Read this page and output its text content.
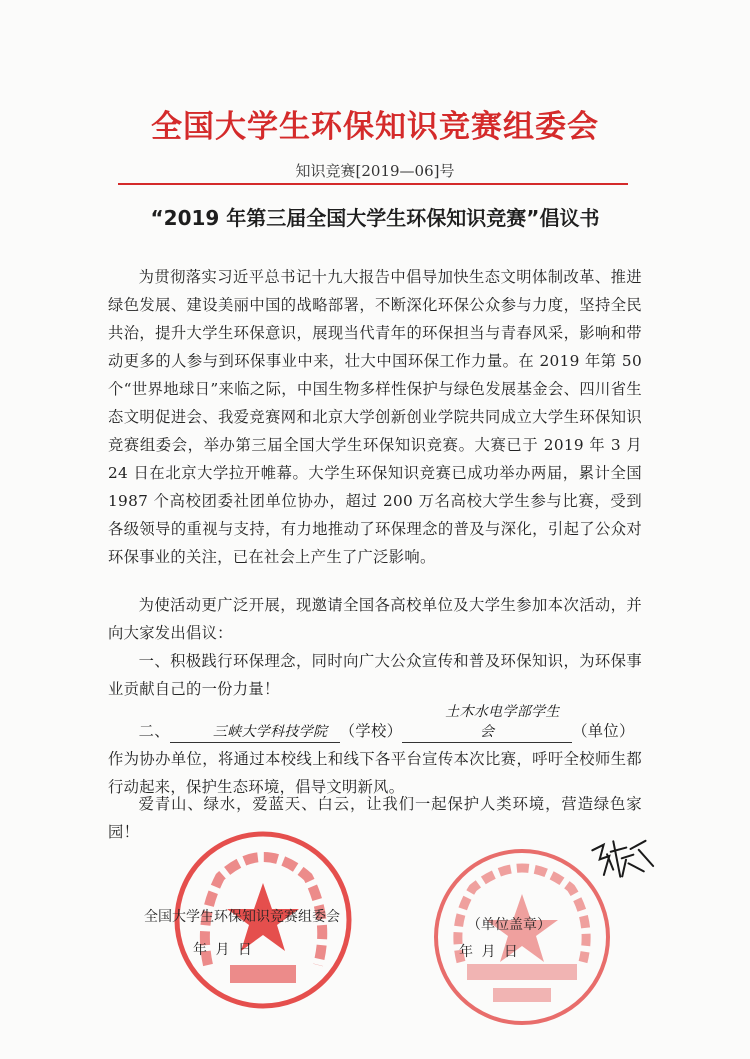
全国大学生环保知识竞赛组委会
知识竞赛[2019—06]号
“2019 年第三届全国大学生环保知识竞赛”倡议书
为贯彻落实习近平总书记十九大报告中倡导加快生态文明体制改革、推进绿色发展、建设美丽中国的战略部署，不断深化环保公众参与力度，坚持全民共治，提升大学生环保意识，展现当代青年的环保担当与青春风采，影响和带动更多的人参与到环保事业中来，壮大中国环保工作力量。在 2019 年第 50 个“世界地球日”来临之际，中国生物多样性保护与绿色发展基金会、四川省生态文明促进会、我爱竞赛网和北京大学创新创业学院共同成立大学生环保知识竞赛组委会，举办第三届全国大学生环保知识竞赛。大赛已于 2019 年 3 月 24 日在北京大学拉开帷幕。大学生环保知识竞赛已成功举办两届，累计全国 1987 个高校团委社团单位协办，超过 200 万名高校大学生参与比赛，受到各级领导的重视与支持，有力地推动了环保理念的普及与深化，引起了公众对环保事业的关注，已在社会上产生了广泛影响。
为使活动更广泛开展，现邀请全国各高校单位及大学生参加本次活动，并向大家发出倡议：
一、积极践行环保理念，同时向广大公众宣传和普及环保知识，为环保事业贡献自己的一份力量！
二、	三峡大学科技学院 （学校）土木水电学部学生会	（单位）
作为协办单位，将通过本校线上和线下各平台宣传本次比赛，呼吁全校师生都行动起来，保护生态环境，倡导文明新风。
爱青山、绿水，爱蓝天、白云，让我们一起保护人类环境，营造绿色家园！
全国大学生环保知识竞赛组委会
年 月 日
（单位盖章）
年 月 日
